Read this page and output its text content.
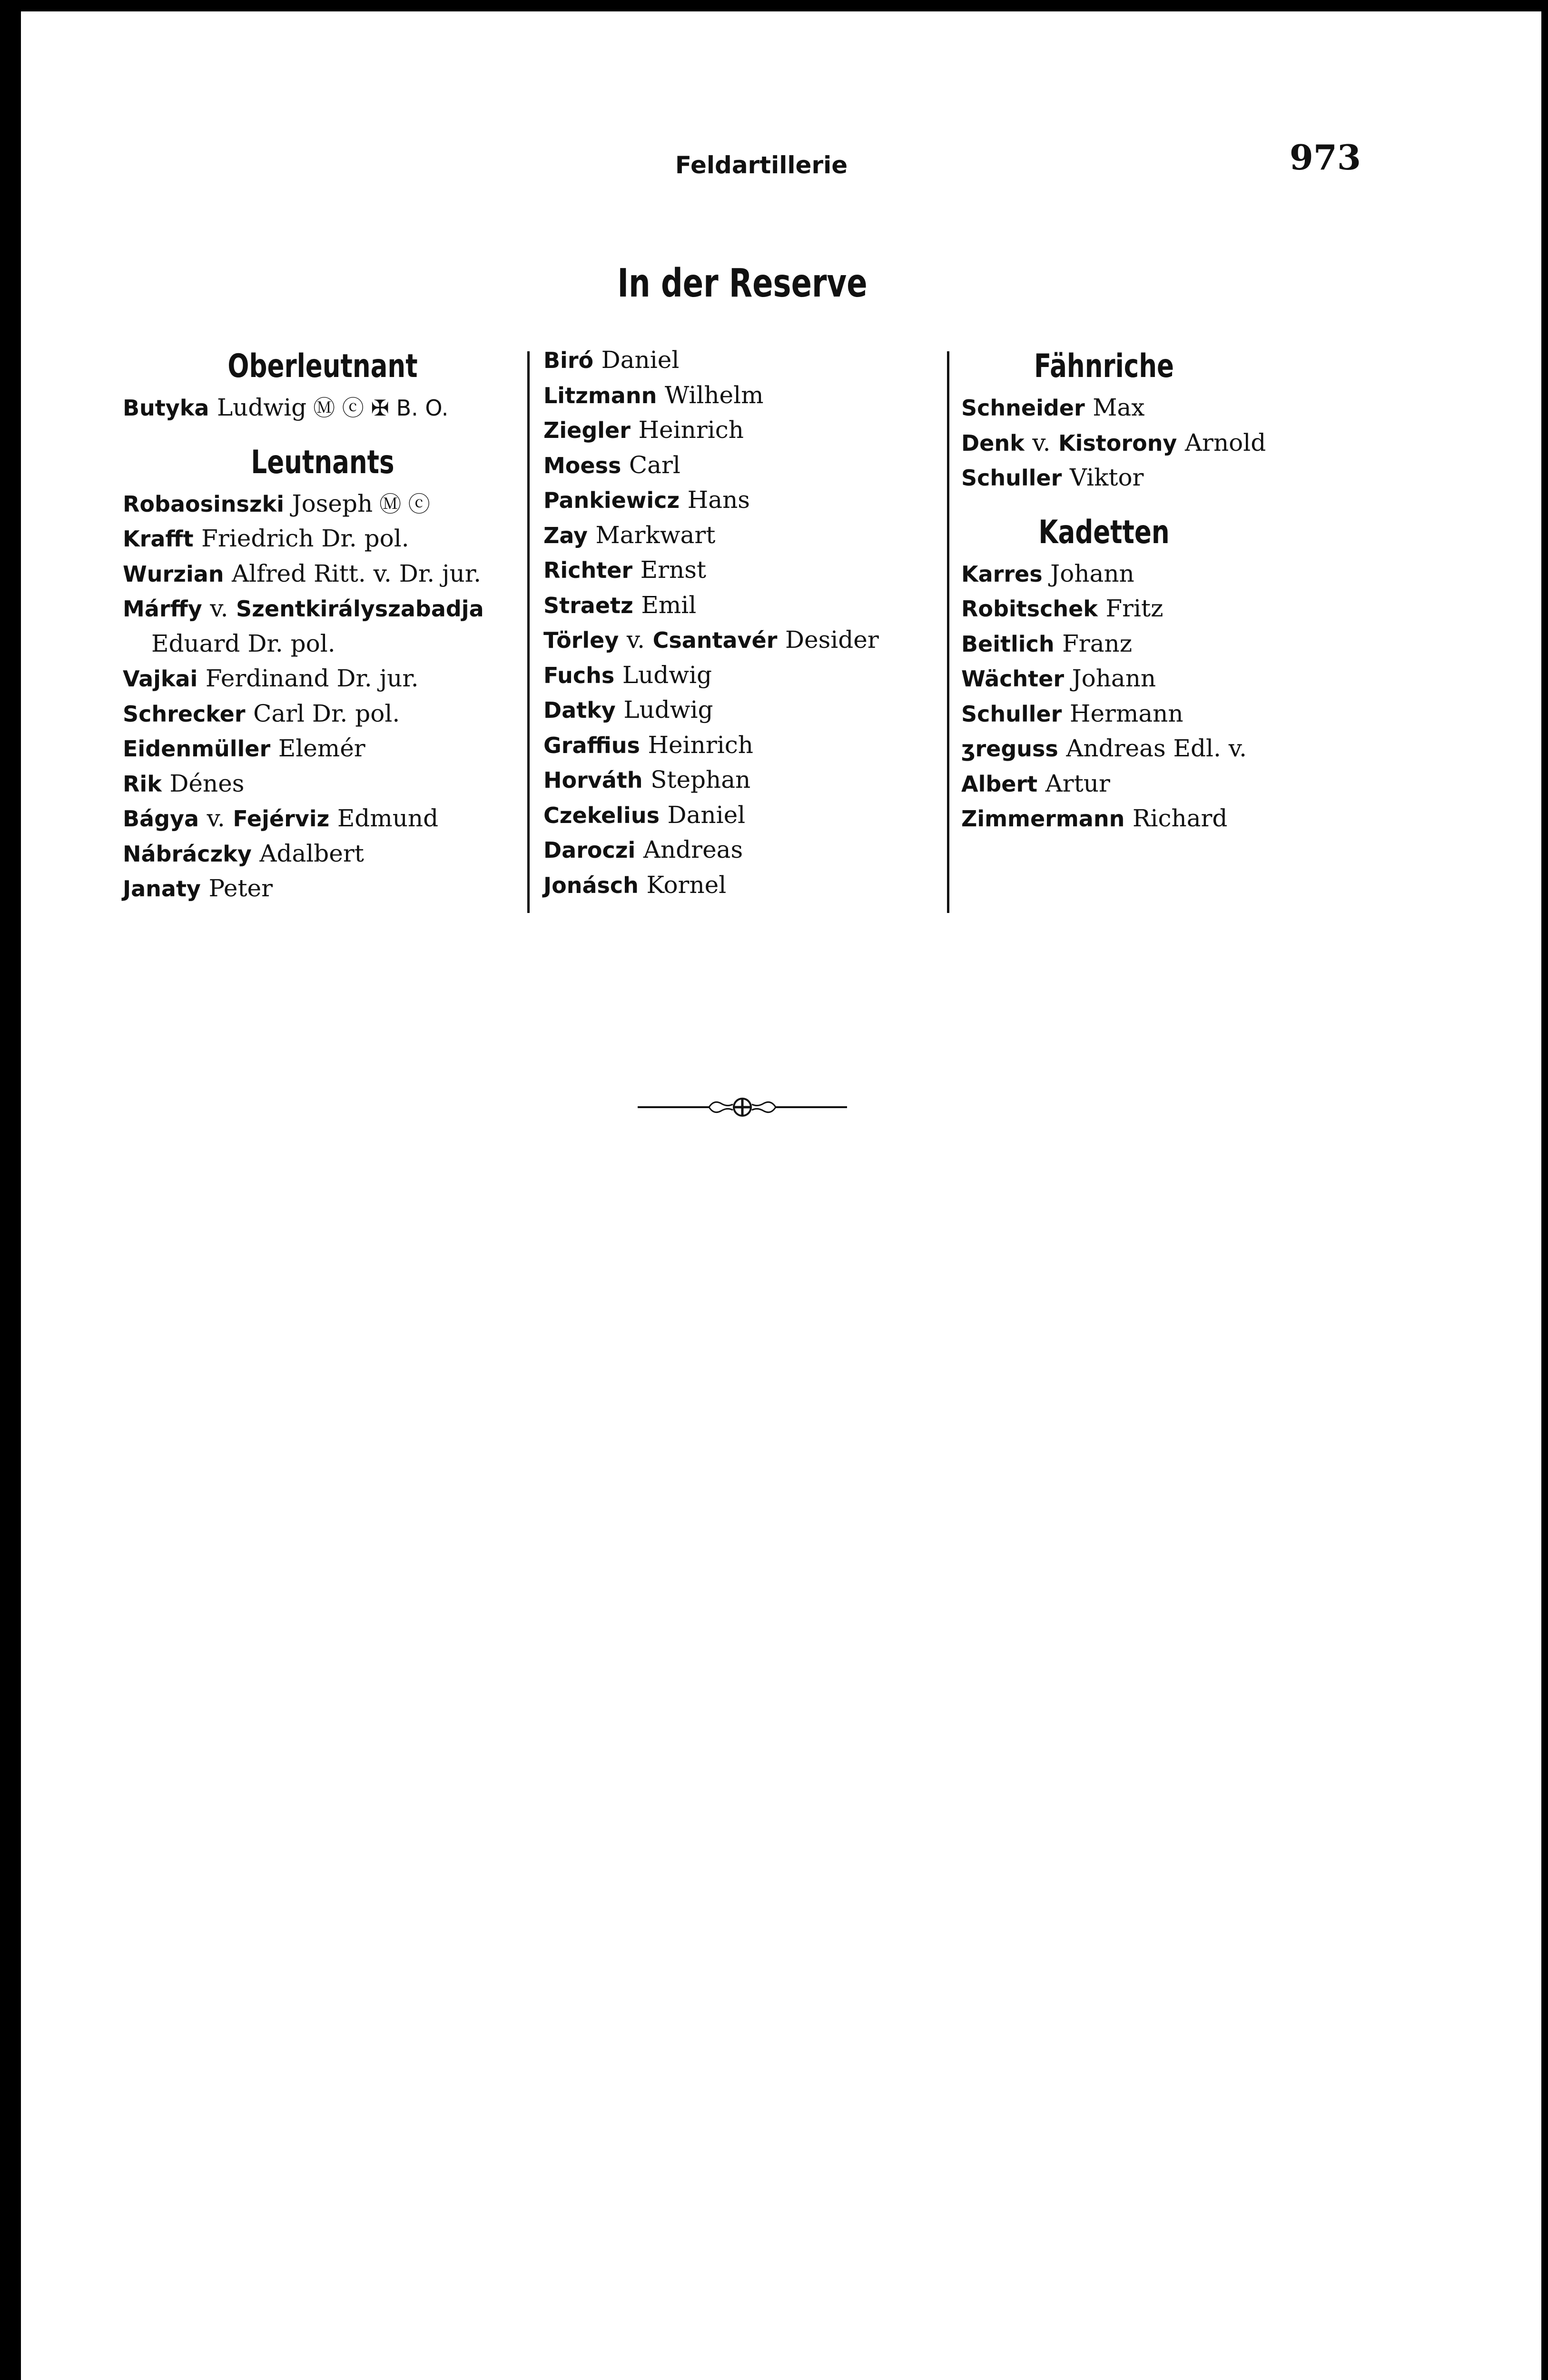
Feldartillerie	973
In der Reserve
Oberleutnant
Butyka Ludwig Ⓜ ⓒ ✠ B. O.
Leutnants
Robaosinszki Joseph Ⓜ ⓒ
Krafft Friedrich Dr. pol.
Wurzian Alfred Ritt. v. Dr. jur.
Márffy v. Szentkirályszabadja
Eduard Dr. pol.
Vajkai Ferdinand Dr. jur.
Schrecker Carl Dr. pol.
Eidenmüller Elemér
Rik Dénes
Bágya v. Fejérviz Edmund
Nábráczky Adalbert
Janaty Peter
Biró Daniel
Litzmann Wilhelm
Ziegler Heinrich
Moess Carl
Pankiewicz Hans
Zay Markwart
Richter Ernst
Straetz Emil
Törley v. Csantavér Desider
Fuchs Ludwig
Datky Ludwig
Graffius Heinrich
Horváth Stephan
Czekelius Daniel
Daroczi Andreas
Jonásch Kornel
Fähnriche
Schneider Max
Denk v. Kistorony Arnold
Schuller Viktor
Kadetten
Karres Johann
Robitschek Fritz
Beitlich Franz
Wächter Johann
Schuller Hermann
ʒreguss Andreas Edl. v.
Albert Artur
Zimmermann Richard
